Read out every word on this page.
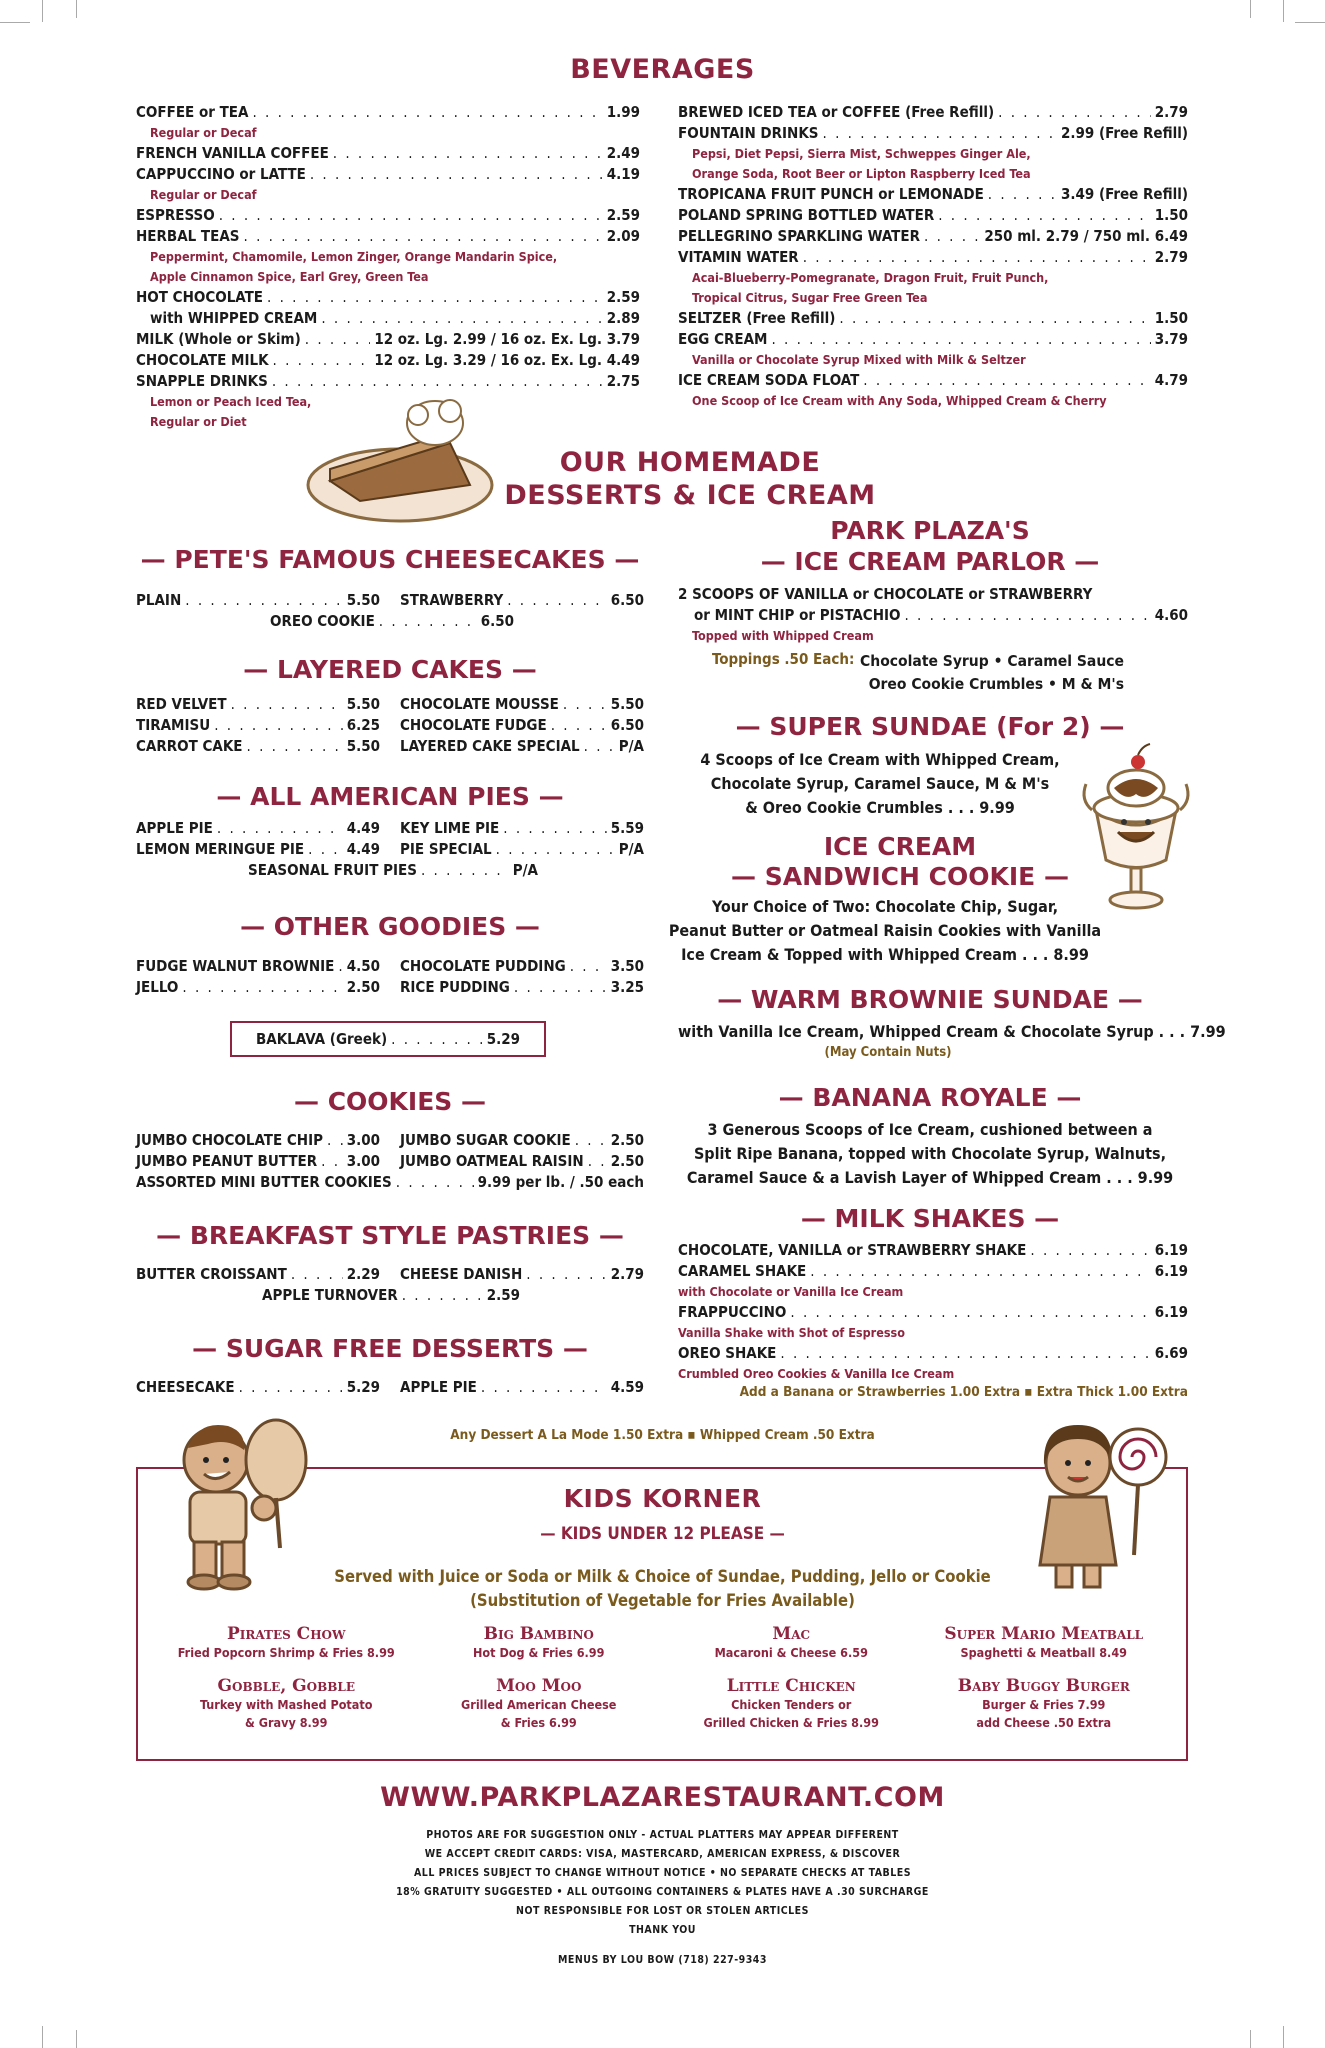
BEVERAGES
COFFEE or TEA . . .	1.99
Regular or Decaf
FRENCH VANILLA COFFEE . . .	2.49
CAPPUCCINO or LATTE . . .	4.19
Regular or Decaf
ESPRESSO . . .	2.59
HERBAL TEAS . . .	2.09
Peppermint, Chamomile, Lemon Zinger, Orange Mandarin Spice,
Apple Cinnamon Spice, Earl Grey, Green Tea
HOT CHOCOLATE . . .	2.59
with WHIPPED CREAM . . .	2.89
MILK (Whole or Skim) . . .	12 oz. Lg. 2.99 / 16 oz. Ex. Lg. 3.79
CHOCOLATE MILK . . .	12 oz. Lg. 3.29 / 16 oz. Ex. Lg. 4.49
SNAPPLE DRINKS . . .	2.75
Lemon or Peach Iced Tea,
Regular or Diet
BREWED ICED TEA or COFFEE (Free Refill) . . .	2.79
FOUNTAIN DRINKS . . .	2.99 (Free Refill)
Pepsi, Diet Pepsi, Sierra Mist, Schweppes Ginger Ale,
Orange Soda, Root Beer or Lipton Raspberry Iced Tea
TROPICANA FRUIT PUNCH or LEMONADE . . .	3.49 (Free Refill)
POLAND SPRING BOTTLED WATER . . .	1.50
PELLEGRINO SPARKLING WATER . . .	250 ml. 2.79 / 750 ml. 6.49
VITAMIN WATER . . .	2.79
Acai-Blueberry-Pomegranate, Dragon Fruit, Fruit Punch,
Tropical Citrus, Sugar Free Green Tea
SELTZER (Free Refill) . . .	1.50
EGG CREAM . . .	3.79
Vanilla or Chocolate Syrup Mixed with Milk & Seltzer
ICE CREAM SODA FLOAT . . .	4.79
One Scoop of Ice Cream with Any Soda, Whipped Cream & Cherry
OUR HOMEMADE
DESSERTS & ICE CREAM
— PETE'S FAMOUS CHEESECAKES —
PLAIN . . .	5.50 STRAWBERRY . . .	6.50
OREO COOKIE . . .	6.50
— LAYERED CAKES —
RED VELVET . . .	5.50 CHOCOLATE MOUSSE . . .	5.50
TIRAMISU . . .	6.25 CHOCOLATE FUDGE . . .	6.50
CARROT CAKE . . .	5.50 LAYERED CAKE SPECIAL . . .	P/A
— ALL AMERICAN PIES —
APPLE PIE . . .	4.49 KEY LIME PIE . . .	5.59
LEMON MERINGUE PIE . . .	4.49 PIE SPECIAL . . .	P/A
SEASONAL FRUIT PIES . . .	P/A
— OTHER GOODIES —
FUDGE WALNUT BROWNIE . . . 4.50 CHOCOLATE PUDDING . . .	3.50
JELLO . . .	2.50 RICE PUDDING . . .	3.25
BAKLAVA (Greek) . . .	5.29
— COOKIES —
JUMBO CHOCOLATE CHIP . . . 3.00 JUMBO SUGAR COOKIE . . .	2.50
JUMBO PEANUT BUTTER . . . 3.00 JUMBO OATMEAL RAISIN . . . 2.50
ASSORTED MINI BUTTER COOKIES . . .	9.99 per lb. / .50 each
— BREAKFAST STYLE PASTRIES —
BUTTER CROISSANT . . .	2.29 CHEESE DANISH . . .	2.79
APPLE TURNOVER . . .	2.59
— SUGAR FREE DESSERTS —
CHEESECAKE . . .	5.29 APPLE PIE . . .	4.59
PARK PLAZA'S
— ICE CREAM PARLOR —
2 SCOOPS OF VANILLA or CHOCOLATE or STRAWBERRY
or MINT CHIP or PISTACHIO . . .	4.60
Topped with Whipped Cream
Toppings .50 Each: Chocolate Syrup • Caramel Sauce
Oreo Cookie Crumbles • M & M's
— SUPER SUNDAE (For 2) —
4 Scoops of Ice Cream with Whipped Cream,
Chocolate Syrup, Caramel Sauce, M & M's
& Oreo Cookie Crumbles . . . 9.99
ICE CREAM
— SANDWICH COOKIE —
Your Choice of Two: Chocolate Chip, Sugar,
Peanut Butter or Oatmeal Raisin Cookies with Vanilla
Ice Cream & Topped with Whipped Cream . . . 8.99
— WARM BROWNIE SUNDAE —
with Vanilla Ice Cream, Whipped Cream & Chocolate Syrup . . . 7.99
(May Contain Nuts)
— BANANA ROYALE —
3 Generous Scoops of Ice Cream, cushioned between a
Split Ripe Banana, topped with Chocolate Syrup, Walnuts,
Caramel Sauce & a Lavish Layer of Whipped Cream . . . 9.99
— MILK SHAKES —
CHOCOLATE, VANILLA or STRAWBERRY SHAKE . . .	6.19
CARAMEL SHAKE . . .	6.19
with Chocolate or Vanilla Ice Cream
FRAPPUCCINO . . .	6.19
Vanilla Shake with Shot of Espresso
OREO SHAKE . . .	6.69
Crumbled Oreo Cookies & Vanilla Ice Cream
Add a Banana or Strawberries 1.00 Extra ▪ Extra Thick 1.00 Extra
Any Dessert A La Mode 1.50 Extra ▪ Whipped Cream .50 Extra
KIDS KORNER
— KIDS UNDER 12 PLEASE —
Served with Juice or Soda or Milk & Choice of Sundae, Pudding, Jello or Cookie
(Substitution of Vegetable for Fries Available)
Pirates Chow
Fried Popcorn Shrimp & Fries 8.99
Big Bambino
Hot Dog & Fries 6.99
Mac
Macaroni & Cheese 6.59
Super Mario Meatball
Spaghetti & Meatball 8.49
Gobble, Gobble
Turkey with Mashed Potato
& Gravy 8.99
Moo Moo
Grilled American Cheese
& Fries 6.99
Little Chicken
Chicken Tenders or
Grilled Chicken & Fries 8.99
Baby Buggy Burger
Burger & Fries 7.99
add Cheese .50 Extra
WWW.PARKPLAZARESTAURANT.COM
PHOTOS ARE FOR SUGGESTION ONLY - ACTUAL PLATTERS MAY APPEAR DIFFERENT
WE ACCEPT CREDIT CARDS: VISA, MASTERCARD, AMERICAN EXPRESS, & DISCOVER
ALL PRICES SUBJECT TO CHANGE WITHOUT NOTICE • NO SEPARATE CHECKS AT TABLES
18% GRATUITY SUGGESTED • ALL OUTGOING CONTAINERS & PLATES HAVE A .30 SURCHARGE
NOT RESPONSIBLE FOR LOST OR STOLEN ARTICLES
THANK YOU
MENUS BY LOU BOW (718) 227-9343
